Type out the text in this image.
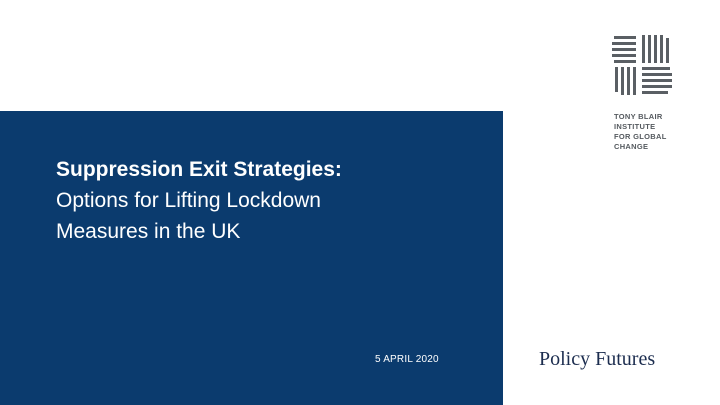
Suppression Exit Strategies:
Options for Lifting Lockdown
Measures in the UK
5 APRIL 2020
TONY BLAIR
INSTITUTE
FOR GLOBAL
CHANGE
Policy Futures
